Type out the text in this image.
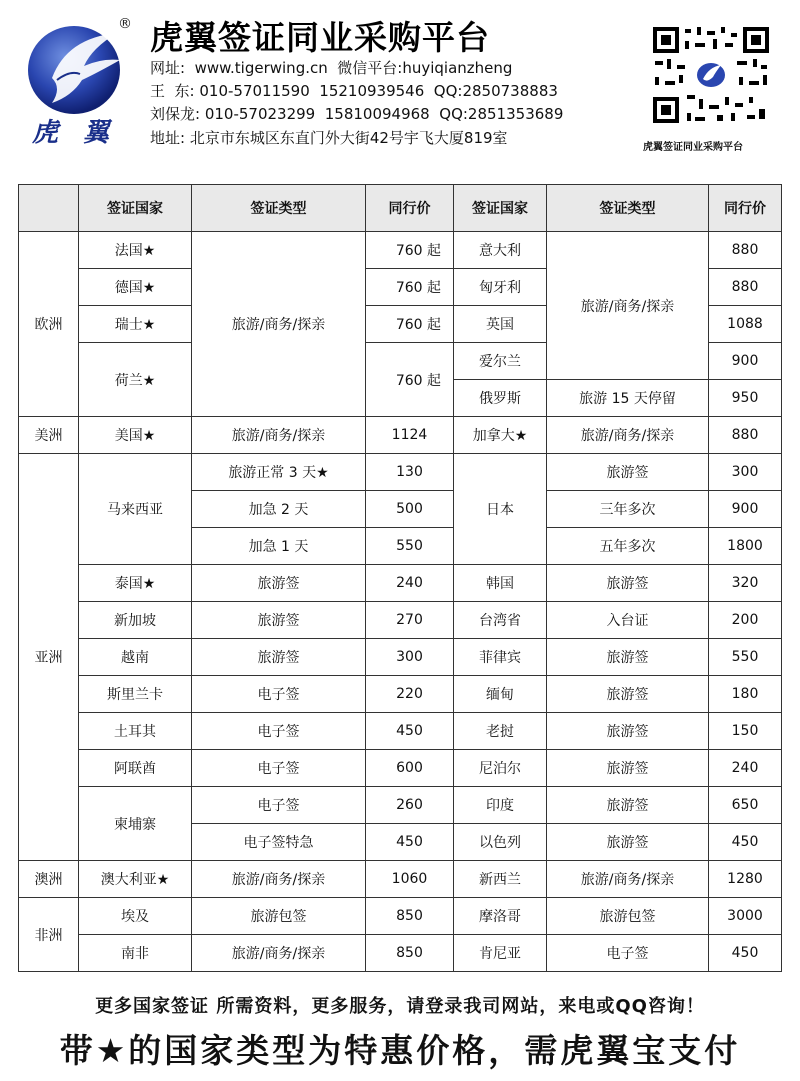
®
虎 翼
虎翼签证同业采购平台
网址:  www.tigerwing.cn  微信平台:huyiqianzheng
王  东: 010-57011590  15210939546  QQ:2850738883
刘保龙: 010-57023299  15810094968  QQ:2851353689
地址: 北京市东城区东直门外大街42号宇飞大厦819室
虎翼签证同业采购平台
	签证国家	签证类型	同行价	签证国家	签证类型	同行价
欧洲	法国★	旅游/商务/探亲	760 起	意大利	旅游/商务/探亲	880
	德国★		760 起	匈牙利		880
	瑞士★		760 起	英国		1088
	荷兰★		760 起	爱尔兰		900
				俄罗斯	旅游 15 天停留	950
美洲	美国★	旅游/商务/探亲	1124	加拿大★	旅游/商务/探亲	880
亚洲	马来西亚	旅游正常 3 天★	130	日本	旅游签	300
		加急 2 天	500		三年多次	900
		加急 1 天	550		五年多次	1800
	泰国★	旅游签	240	韩国	旅游签	320
	新加坡	旅游签	270	台湾省	入台证	200
	越南	旅游签	300	菲律宾	旅游签	550
	斯里兰卡	电子签	220	缅甸	旅游签	180
	土耳其	电子签	450	老挝	旅游签	150
	阿联酋	电子签	600	尼泊尔	旅游签	240
	柬埔寨	电子签	260	印度	旅游签	650
		电子签特急	450	以色列	旅游签	450
澳洲	澳大利亚★	旅游/商务/探亲	1060	新西兰	旅游/商务/探亲	1280
非洲	埃及	旅游包签	850	摩洛哥	旅游包签	3000
	南非	旅游/商务/探亲	850	肯尼亚	电子签	450
更多国家签证 所需资料，更多服务，请登录我司网站，来电或QQ咨询！
带★的国家类型为特惠价格，需虎翼宝支付
